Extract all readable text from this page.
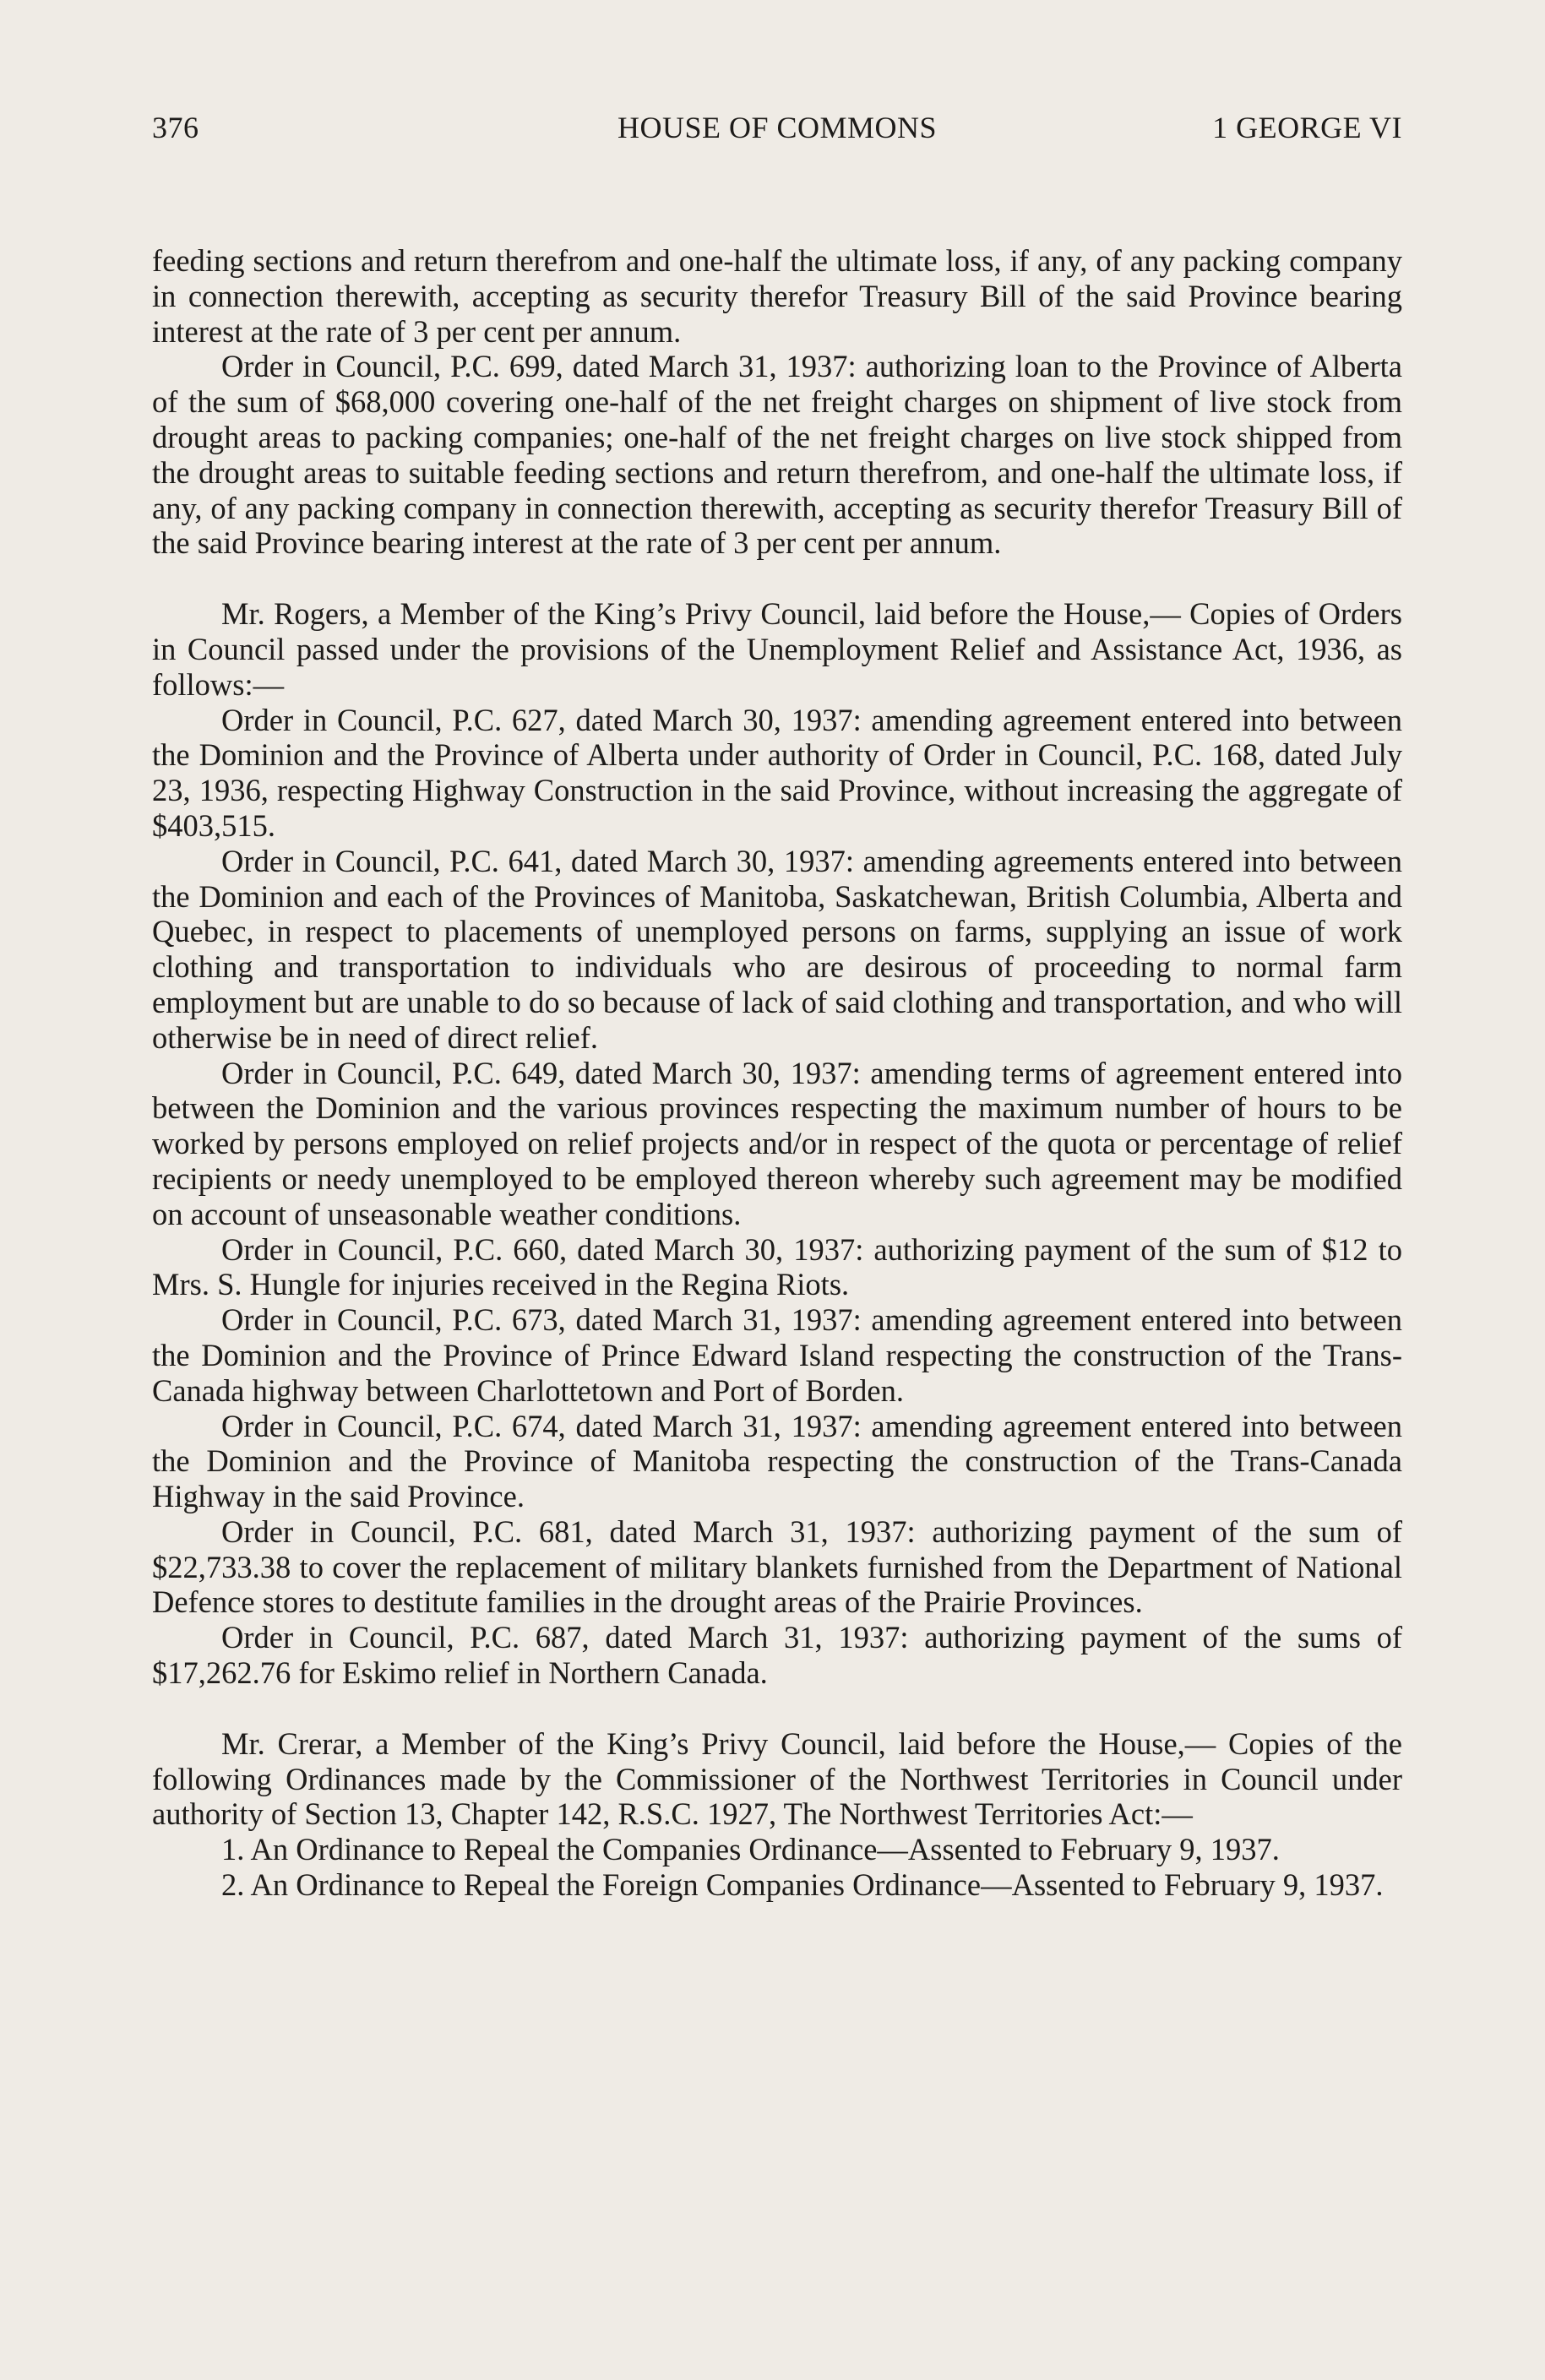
376	HOUSE OF COMMONS	1 GEORGE VI

feeding sections and return therefrom and one-half the ultimate loss, if any, of any packing company in connection therewith, accepting as security therefor Treasury Bill of the said Province bearing interest at the rate of 3 per cent per annum.

Order in Council, P.C. 699, dated March 31, 1937: authorizing loan to the Province of Alberta of the sum of $68,000 covering one-half of the net freight charges on shipment of live stock from drought areas to packing companies; one-half of the net freight charges on live stock shipped from the drought areas to suitable feeding sections and return therefrom, and one-half the ultimate loss, if any, of any packing company in connection therewith, accepting as security therefor Treasury Bill of the said Province bearing interest at the rate of 3 per cent per annum.

Mr. Rogers, a Member of the King’s Privy Council, laid before the House,— Copies of Orders in Council passed under the provisions of the Unemployment Relief and Assistance Act, 1936, as follows:—

Order in Council, P.C. 627, dated March 30, 1937: amending agreement entered into between the Dominion and the Province of Alberta under authority of Order in Council, P.C. 168, dated July 23, 1936, respecting Highway Construction in the said Province, without increasing the aggregate of $403,515.

Order in Council, P.C. 641, dated March 30, 1937: amending agreements entered into between the Dominion and each of the Provinces of Manitoba, Saskatchewan, British Columbia, Alberta and Quebec, in respect to placements of unemployed persons on farms, supplying an issue of work clothing and transportation to individuals who are desirous of proceeding to normal farm employment but are unable to do so because of lack of said clothing and transportation, and who will otherwise be in need of direct relief.

Order in Council, P.C. 649, dated March 30, 1937: amending terms of agreement entered into between the Dominion and the various provinces respecting the maximum number of hours to be worked by persons employed on relief projects and/or in respect of the quota or percentage of relief recipients or needy unemployed to be employed thereon whereby such agreement may be modified on account of unseasonable weather conditions.

Order in Council, P.C. 660, dated March 30, 1937: authorizing payment of the sum of $12 to Mrs. S. Hungle for injuries received in the Regina Riots.

Order in Council, P.C. 673, dated March 31, 1937: amending agreement entered into between the Dominion and the Province of Prince Edward Island respecting the construction of the Trans-Canada highway between Charlottetown and Port of Borden.

Order in Council, P.C. 674, dated March 31, 1937: amending agreement entered into between the Dominion and the Province of Manitoba respecting the construction of the Trans-Canada Highway in the said Province.

Order in Council, P.C. 681, dated March 31, 1937: authorizing payment of the sum of $22,733.38 to cover the replacement of military blankets furnished from the Department of National Defence stores to destitute families in the drought areas of the Prairie Provinces.

Order in Council, P.C. 687, dated March 31, 1937: authorizing payment of the sums of $17,262.76 for Eskimo relief in Northern Canada.

Mr. Crerar, a Member of the King’s Privy Council, laid before the House,— Copies of the following Ordinances made by the Commissioner of the Northwest Territories in Council under authority of Section 13, Chapter 142, R.S.C. 1927, The Northwest Territories Act:—

1. An Ordinance to Repeal the Companies Ordinance—Assented to February 9, 1937.

2. An Ordinance to Repeal the Foreign Companies Ordinance—Assented to February 9, 1937.
